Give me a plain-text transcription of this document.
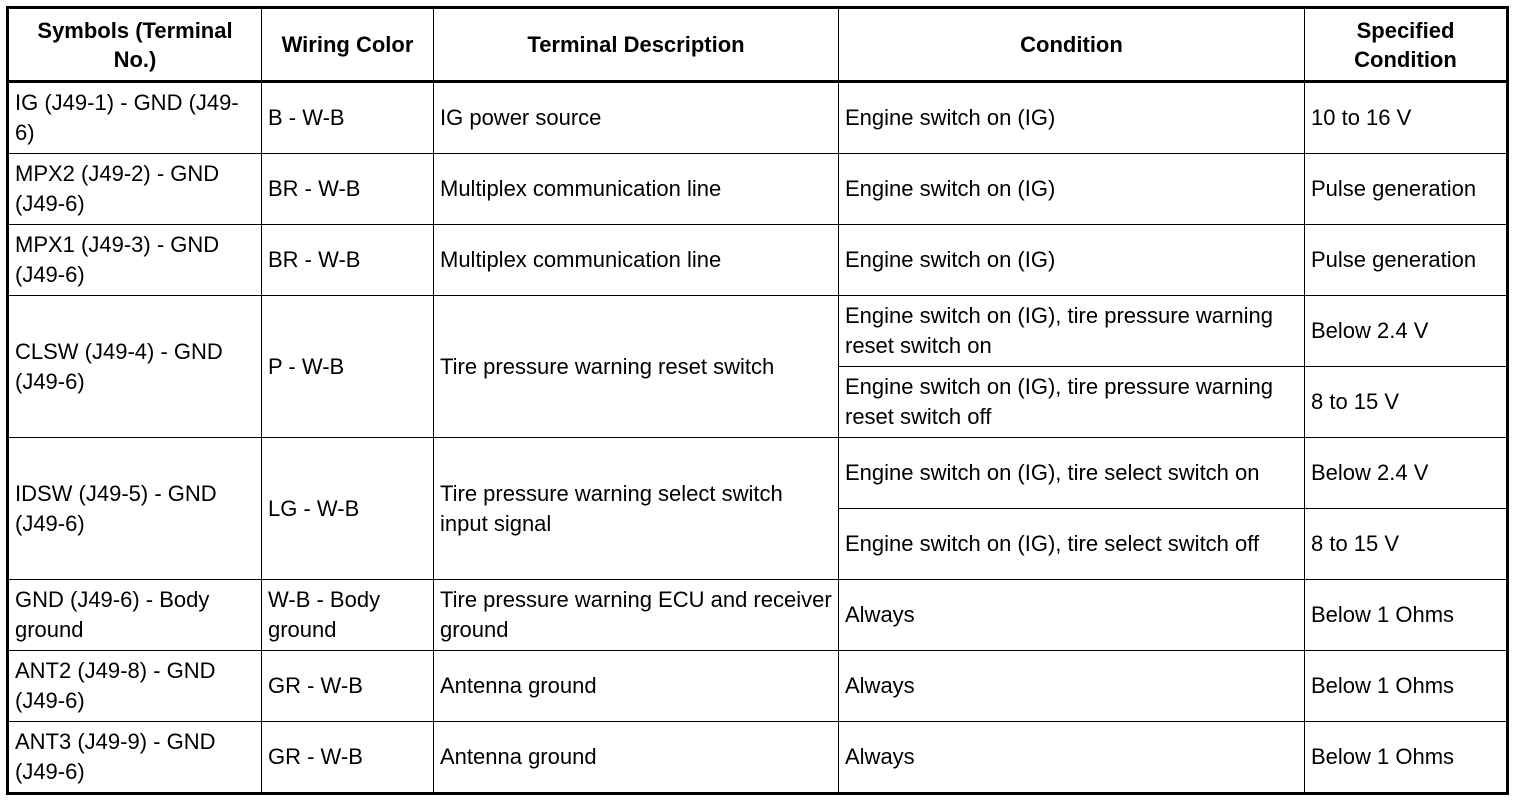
Symbols (Terminal No.)	Wiring Color	Terminal Description	Condition	Specified Condition
IG (J49-1) - GND (J49-6)	B - W-B	IG power source	Engine switch on (IG)	10 to 16 V
MPX2 (J49-2) - GND (J49-6)	BR - W-B	Multiplex communication line	Engine switch on (IG)	Pulse generation
MPX1 (J49-3) - GND (J49-6)	BR - W-B	Multiplex communication line	Engine switch on (IG)	Pulse generation
CLSW (J49-4) - GND (J49-6)	P - W-B	Tire pressure warning reset switch	Engine switch on (IG), tire pressure warning reset switch on	Below 2.4 V
			Engine switch on (IG), tire pressure warning reset switch off	8 to 15 V
IDSW (J49-5) - GND (J49-6)	LG - W-B	Tire pressure warning select switch input signal	Engine switch on (IG), tire select switch on	Below 2.4 V
			Engine switch on (IG), tire select switch off	8 to 15 V
GND (J49-6) - Body ground	W-B - Body ground	Tire pressure warning ECU and receiver ground	Always	Below 1 Ohms
ANT2 (J49-8) - GND (J49-6)	GR - W-B	Antenna ground	Always	Below 1 Ohms
ANT3 (J49-9) - GND (J49-6)	GR - W-B	Antenna ground	Always	Below 1 Ohms
